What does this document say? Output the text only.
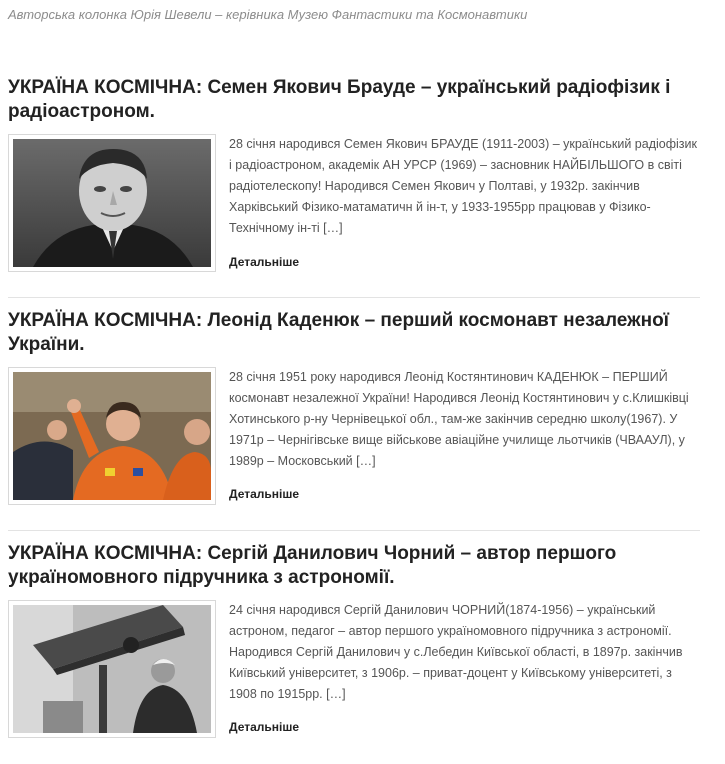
Авторська колонка Юрія Шевели – керівника Музею Фантастики та Космонавтики
УКРАЇНА КОСМІЧНА: Семен Якович Брауде – український радіофізик і радіоастроном.

28 січня народився Семен Якович БРАУДЕ (1911-2003) – український радіофізик і радіоастроном, академік АН УРСР (1969) – засновник НАЙБІЛЬШОГО в світі радіотелескопу! Народився Семен Якович у Полтаві, у 1932р. закінчив Харківський Фізико-матаматичн й ін-т, у 1933-1955рр працював у Фізико-Технічному ін-ті […]

Детальніше
УКРАЇНА КОСМІЧНА: Леонід Каденюк – перший космонавт незалежної України.

28 січня 1951 року народився Леонід Костянтинович КАДЕНЮК – ПЕРШИЙ космонавт незалежної України! Народився Леонід Костянтинович у с.Клишківці Хотинського р-ну Чернівецької обл., там-же закінчив середню школу(1967). У 1971р – Чернігівське вище військове авіаційне училище льотчиків (ЧВААУЛ), у 1989р – Московський […]

Детальніше
УКРАЇНА КОСМІЧНА: Сергій Данилович Чорний – автор першого україномовного підручника з астрономії.

24 січня народився Сергій Данилович ЧОРНИЙ(1874-1956) – український астроном, педагог – автор першого україномовного підручника з астрономії. Народився Сергій Данилович у с.Лебедин Київської області, в 1897р. закінчив Київський університет, з 1906р. – приват-доцент у Київському університеті, з 1908 по 1915рр. […]

Детальніше
